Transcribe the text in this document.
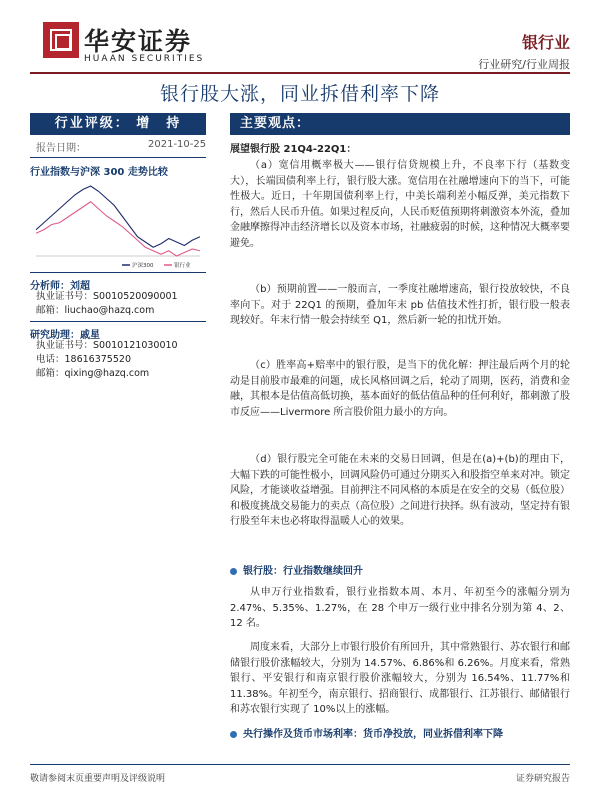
华安证券
HUAAN SECURITIES
银行业
行业研究/行业周报
银行股大涨，同业拆借利率下降
行业评级： 增　持
报告日期：	2021-10-25
行业指数与沪深 300 走势比较
沪深300	银行业
分析师：刘超
执业证书号：S0010520090001
邮箱：liuchao@hazq.com
研究助理：戚星
执业证书号：S0010121030010
电话：18616375520
邮箱：qixing@hazq.com
主要观点：
展望银行股 21Q4-22Q1：
（a）宽信用概率极大——银行信贷规模上升，不良率下行（基数变大），长端国债利率上行，银行股大涨。宽信用在社融增速向下的当下，可能性极大。近日，十年期国债利率上行，中美长端利差小幅反弹，美元指数下行，然后人民币升值。如果过程反向，人民币贬值预期将刺激资本外流，叠加金融摩擦得冲击经济增长以及资本市场，社融疲弱的时候，这种情况大概率要避免。
（b）预期前置——一般而言，一季度社融增速高，银行投放较快，不良率向下。对于 22Q1 的预期，叠加年末 pb 估值技术性打折，银行股一般表现较好。年末行情一般会持续至 Q1，然后新一轮的扣忧开始。
（c）胜率高+赔率中的银行股，是当下的优化解：押注最后两个月的轮动是目前股市最难的问题，成长风格回调之后，轮动了周期，医药，消费和金融，其根本是估值高低切换，基本面好的低估值品种的任何利好，都刺激了股市反应——Livermore 所言股价阻力最小的方向。
（d）银行股完全可能在未来的交易日回调，但是在(a)+(b)的理由下，大幅下跌的可能性极小，回调风险仍可通过分期买入和股指空单来对冲。锁定风险，才能谈收益增强。目前押注不同风格的本质是在安全的交易（低位股）和极度挑战交易能力的卖点（高位股）之间进行抉择。纵有波动，坚定持有银行股至年末也必将取得温暖人心的效果。
银行股：行业指数继续回升
从申万行业指数看，银行业指数本周、本月、年初至今的涨幅分别为 2.47%、5.35%、1.27%，在 28 个申万一级行业中排名分别为第 4、2、12 名。
周度来看，大部分上市银行股价有所回升，其中常熟银行、苏农银行和邮储银行股价涨幅较大，分别为 14.57%、6.86%和 6.26%。月度来看，常熟银行、平安银行和南京银行股价涨幅较大，分别为 16.54%、11.77%和 11.38%。年初至今，南京银行、招商银行、成都银行、江苏银行、邮储银行和苏农银行实现了 10%以上的涨幅。
央行操作及货币市场利率：货币净投放，同业拆借利率下降
敬请参阅末页重要声明及评级说明	证券研究报告
